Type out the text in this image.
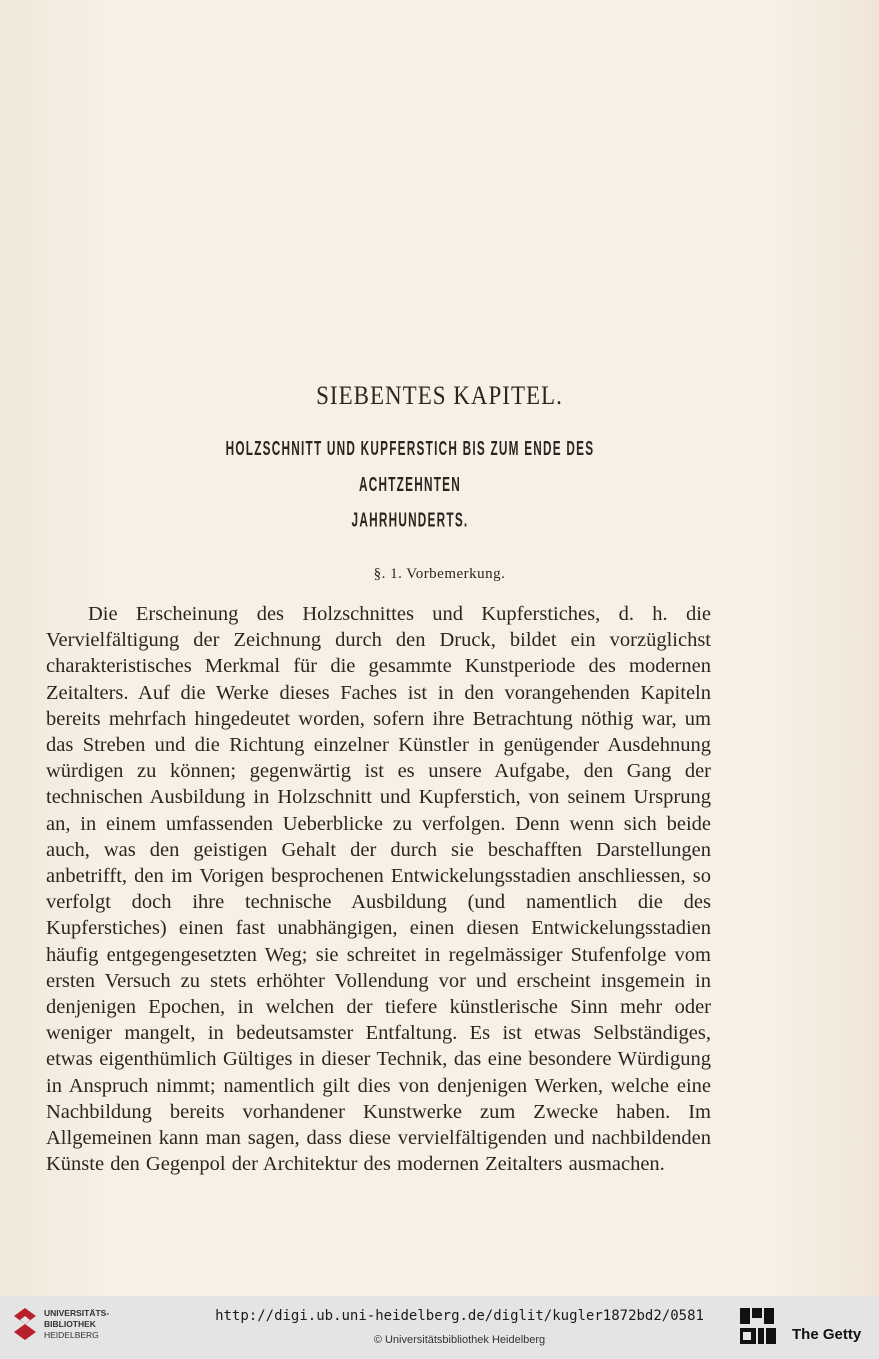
SIEBENTES KAPITEL.
HOLZSCHNITT UND KUPFERSTICH BIS ZUM ENDE DES ACHTZEHNTEN
JAHRHUNDERTS.
§. 1. Vorbemerkung.

Die Erscheinung des Holzschnittes und Kupferstiches, d. h. die Vervielfältigung der Zeichnung durch den Druck, bildet ein vorzüglichst charakteristisches Merkmal für die gesammte Kunstperiode des modernen Zeitalters. Auf die Werke dieses Faches ist in den vorangehenden Kapiteln bereits mehrfach hingedeutet worden, sofern ihre Betrachtung nöthig war, um das Streben und die Richtung einzelner Künstler in genügender Ausdehnung würdigen zu können; gegenwärtig ist es unsere Aufgabe, den Gang der technischen Ausbildung in Holzschnitt und Kupferstich, von seinem Ursprung an, in einem umfassenden Ueberblicke zu verfolgen. Denn wenn sich beide auch, was den geistigen Gehalt der durch sie beschafften Darstellungen anbetrifft, den im Vorigen besprochenen Entwickelungsstadien anschliessen, so verfolgt doch ihre technische Ausbildung (und namentlich die des Kupferstiches) einen fast unabhängigen, einen diesen Entwickelungsstadien häufig entgegengesetzten Weg; sie schreitet in regelmässiger Stufenfolge vom ersten Versuch zu stets erhöhter Vollendung vor und erscheint insgemein in denjenigen Epochen, in welchen der tiefere künstlerische Sinn mehr oder weniger mangelt, in bedeutsamster Entfaltung. Es ist etwas Selbständiges, etwas eigenthümlich Gültiges in dieser Technik, das eine besondere Würdigung in Anspruch nimmt; namentlich gilt dies von denjenigen Werken, welche eine Nachbildung bereits vorhandener Kunstwerke zum Zwecke haben. Im Allgemeinen kann man sagen, dass diese vervielfältigenden und nachbildenden Künste den Gegenpol der Architektur des modernen Zeitalters ausmachen.

UNIVERSITÄTS-
BIBLIOTHEK
HEIDELBERG
http://digi.ub.uni-heidelberg.de/diglit/kugler1872bd2/0581
© Universitätsbibliothek Heidelberg	The Getty
